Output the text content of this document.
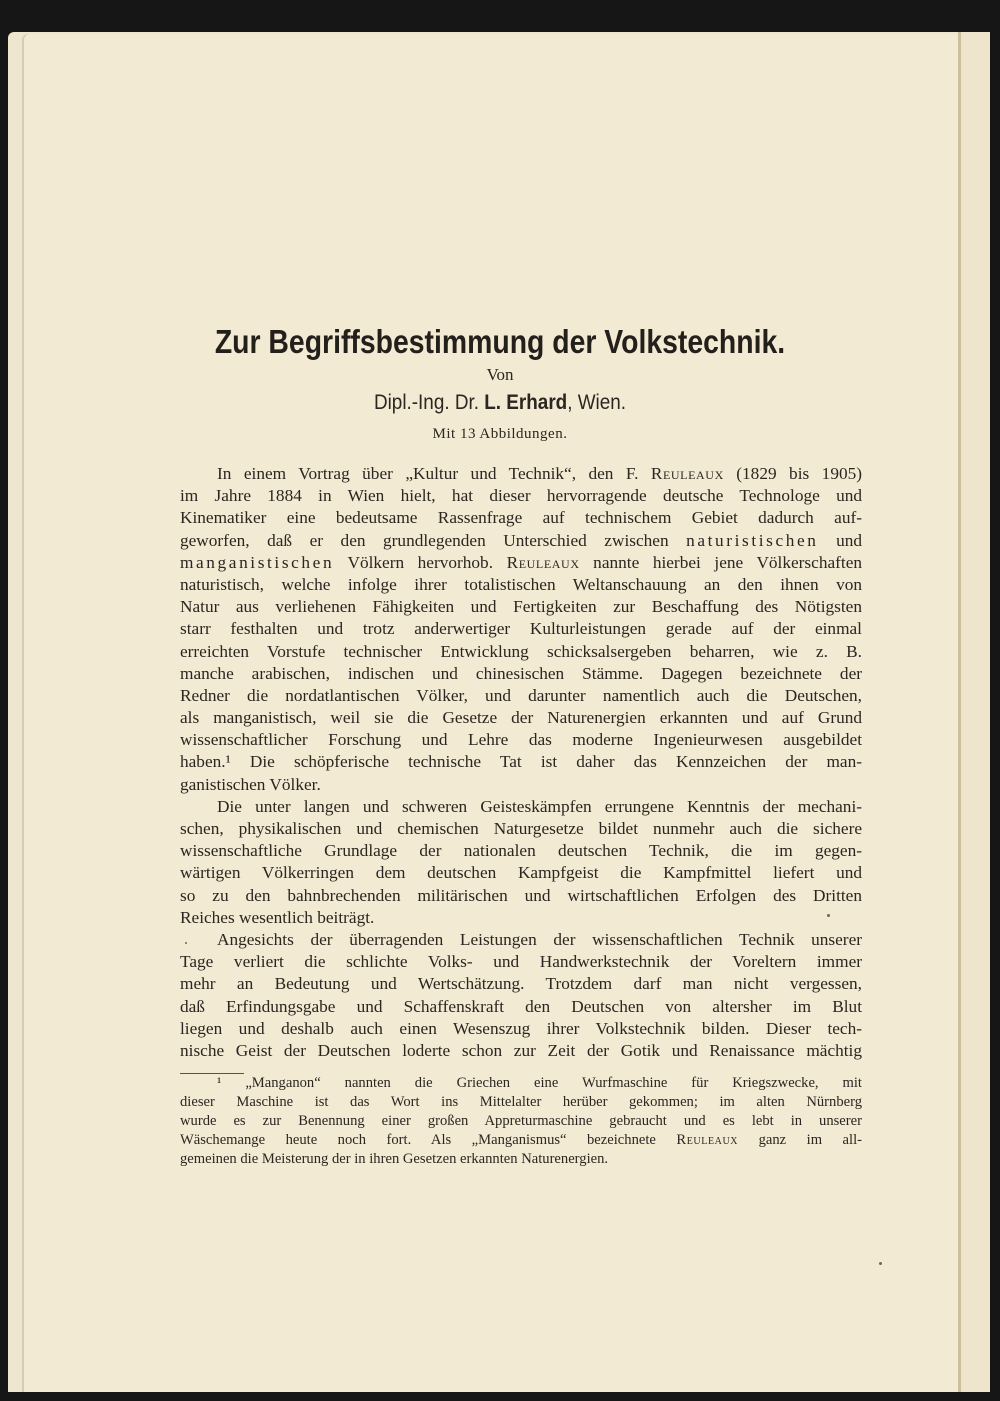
Zur Begriffsbestimmung der Volkstechnik.
Von
Dipl.-Ing. Dr. L. Erhard, Wien.
Mit 13 Abbildungen.
In einem Vortrag über „Kultur und Technik“, den F. Reuleaux (1829 bis 1905)
im Jahre 1884 in Wien hielt, hat dieser hervorragende deutsche Technologe und
Kinematiker eine bedeutsame Rassenfrage auf technischem Gebiet dadurch auf-
geworfen, daß er den grundlegenden Unterschied zwischen naturistischen und
manganistischen Völkern hervorhob. Reuleaux nannte hierbei jene Völkerschaften
naturistisch, welche infolge ihrer totalistischen Weltanschauung an den ihnen von
Natur aus verliehenen Fähigkeiten und Fertigkeiten zur Beschaffung des Nötigsten
starr festhalten und trotz anderwertiger Kulturleistungen gerade auf der einmal
erreichten Vorstufe technischer Entwicklung schicksalsergeben beharren, wie z. B.
manche arabischen, indischen und chinesischen Stämme. Dagegen bezeichnete der
Redner die nordatlantischen Völker, und darunter namentlich auch die Deutschen,
als manganistisch, weil sie die Gesetze der Naturenergien erkannten und auf Grund
wissenschaftlicher Forschung und Lehre das moderne Ingenieurwesen ausgebildet
haben.¹ Die schöpferische technische Tat ist daher das Kennzeichen der man-
ganistischen Völker.
Die unter langen und schweren Geisteskämpfen errungene Kenntnis der mechani-
schen, physikalischen und chemischen Naturgesetze bildet nunmehr auch die sichere
wissenschaftliche Grundlage der nationalen deutschen Technik, die im gegen-
wärtigen Völkerringen dem deutschen Kampfgeist die Kampfmittel liefert und
so zu den bahnbrechenden militärischen und wirtschaftlichen Erfolgen des Dritten
Reiches wesentlich beiträgt.
Angesichts der überragenden Leistungen der wissenschaftlichen Technik unserer
Tage verliert die schlichte Volks- und Handwerkstechnik der Voreltern immer
mehr an Bedeutung und Wertschätzung. Trotzdem darf man nicht vergessen,
daß Erfindungsgabe und Schaffenskraft den Deutschen von altersher im Blut
liegen und deshalb auch einen Wesenszug ihrer Volkstechnik bilden. Dieser tech-
nische Geist der Deutschen loderte schon zur Zeit der Gotik und Renaissance mächtig
¹ „Manganon“ nannten die Griechen eine Wurfmaschine für Kriegszwecke, mit
dieser Maschine ist das Wort ins Mittelalter herüber gekommen; im alten Nürnberg
wurde es zur Benennung einer großen Appreturmaschine gebraucht und es lebt in unserer
Wäschemange heute noch fort. Als „Manganismus“ bezeichnete Reuleaux ganz im all-
gemeinen die Meisterung der in ihren Gesetzen erkannten Naturenergien.
